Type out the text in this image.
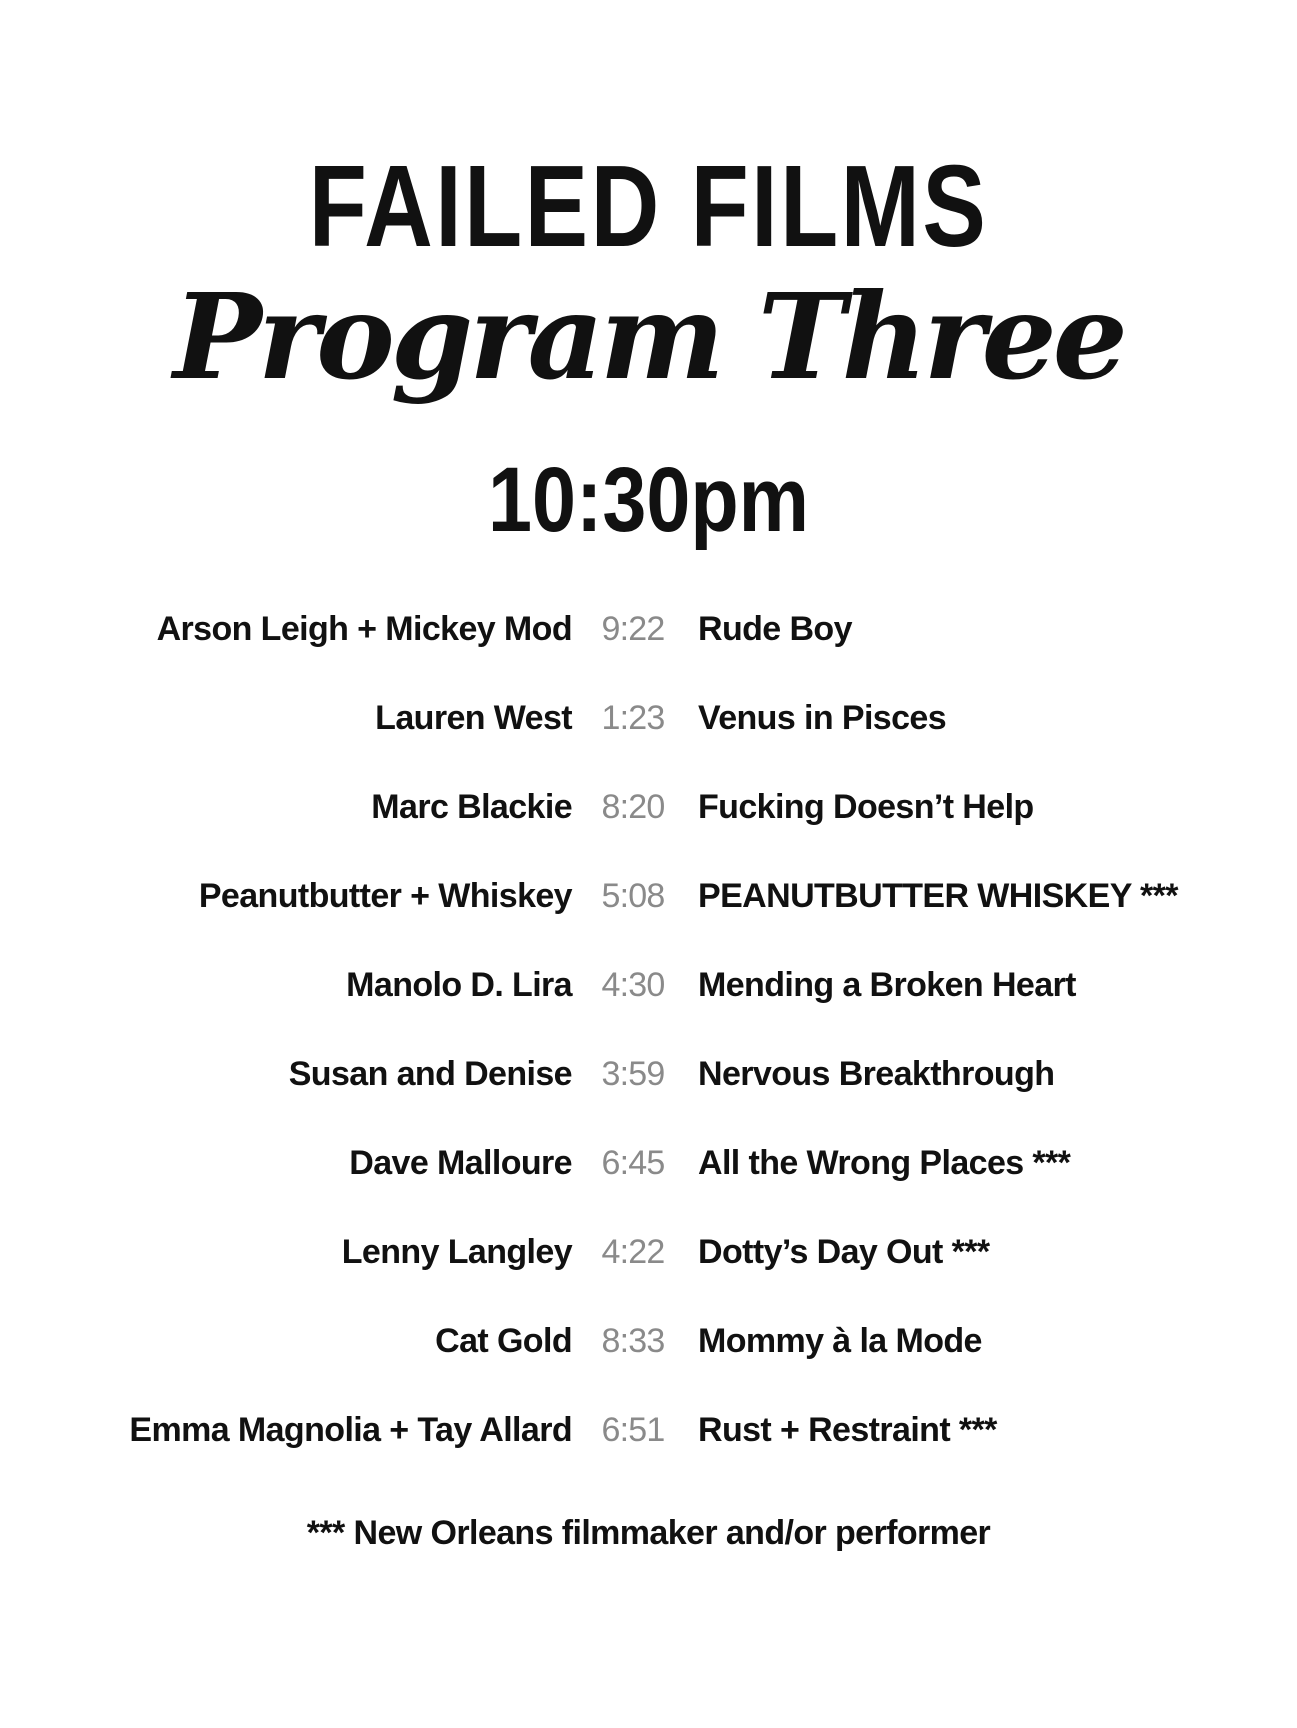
FAILED FILMS
Program Three
10:30pm
Arson Leigh + Mickey Mod 9:22 Rude Boy
Lauren West 1:23 Venus in Pisces
Marc Blackie 8:20 Fucking Doesn’t Help
Peanutbutter + Whiskey 5:08 PEANUTBUTTER WHISKEY ***
Manolo D. Lira 4:30 Mending a Broken Heart
Susan and Denise 3:59 Nervous Breakthrough
Dave Malloure 6:45 All the Wrong Places ***
Lenny Langley 4:22 Dotty’s Day Out ***
Cat Gold 8:33 Mommy à la Mode
Emma Magnolia + Tay Allard 6:51 Rust + Restraint ***
*** New Orleans filmmaker and/or performer
